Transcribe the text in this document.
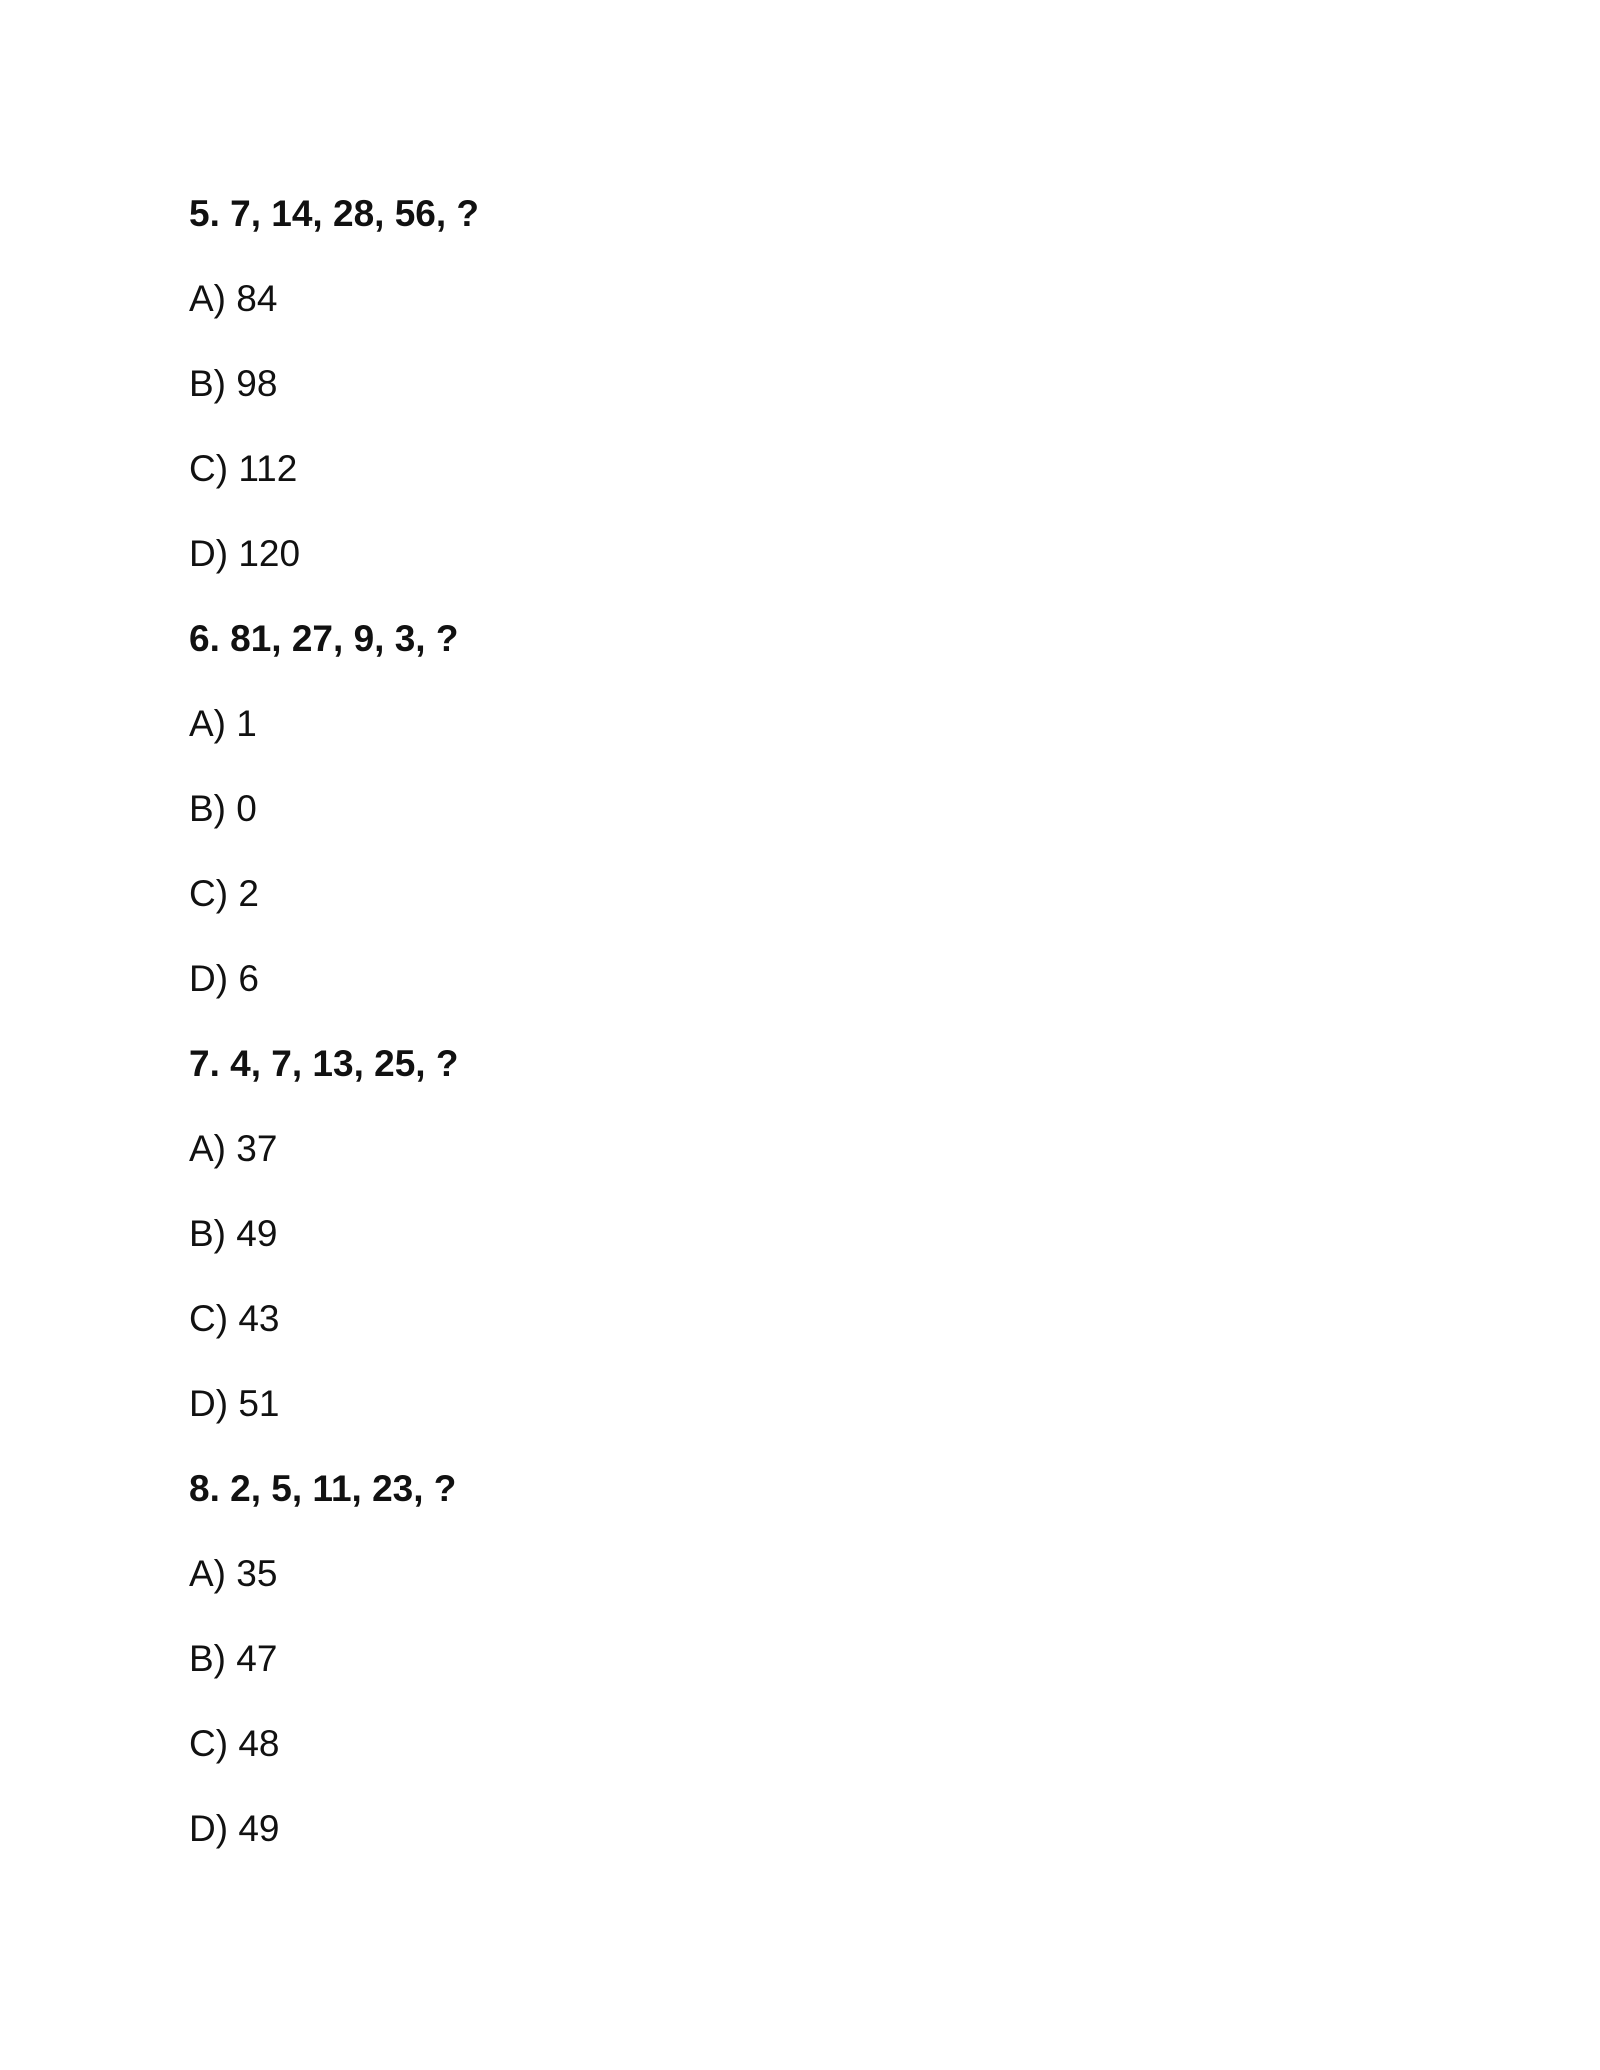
5. 7, 14, 28, 56, ?
A) 84
B) 98
C) 112
D) 120
6. 81, 27, 9, 3, ?
A) 1
B) 0
C) 2
D) 6
7. 4, 7, 13, 25, ?
A) 37
B) 49
C) 43
D) 51
8. 2, 5, 11, 23, ?
A) 35
B) 47
C) 48
D) 49
